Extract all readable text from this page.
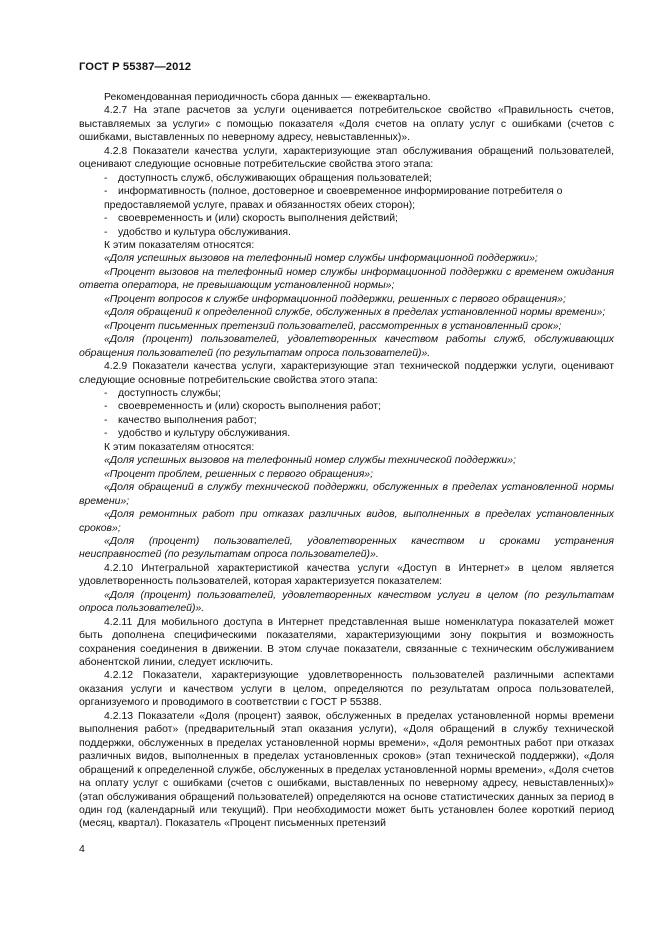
ГОСТ Р 55387—2012

Рекомендованная периодичность сбора данных — ежеквартально.

4.2.7 На этапе расчетов за услуги оценивается потребительское свойство «Правильность счетов, выставляемых за услуги» с помощью показателя «Доля счетов на оплату услуг с ошибками (счетов с ошибками, выставленных по неверному адресу, невыставленных)».

4.2.8 Показатели качества услуги, характеризующие этап обслуживания обращений пользователей, оценивают следующие основные потребительские свойства этого этапа:

- доступность служб, обслуживающих обращения пользователей;

- информативность (полное, достоверное и своевременное информирование потребителя о предоставляемой услуге, правах и обязанностях обеих сторон);

- своевременность и (или) скорость выполнения действий;

- удобство и культура обслуживания.

К этим показателям относятся:

«Доля успешных вызовов на телефонный номер службы информационной поддержки»;

«Процент вызовов на телефонный номер службы информационной поддержки с временем ожидания ответа оператора, не превышающим установленной нормы»;

«Процент вопросов к службе информационной поддержки, решенных с первого обращения»;

«Доля обращений к определенной службе, обслуженных в пределах установленной нормы времени»;

«Процент письменных претензий пользователей, рассмотренных в установленный срок»;

«Доля (процент) пользователей, удовлетворенных качеством работы служб, обслуживающих обращения пользователей (по результатам опроса пользователей)».

4.2.9 Показатели качества услуги, характеризующие этап технической поддержки услуги, оценивают следующие основные потребительские свойства этого этапа:

- доступность службы;

- своевременность и (или) скорость выполнения работ;

- качество выполнения работ;

- удобство и культуру обслуживания.

К этим показателям относятся:

«Доля успешных вызовов на телефонный номер службы технической поддержки»;

«Процент проблем, решенных с первого обращения»;

«Доля обращений в службу технической поддержки, обслуженных в пределах установленной нормы времени»;

«Доля ремонтных работ при отказах различных видов, выполненных в пределах установленных сроков»;

«Доля (процент) пользователей, удовлетворенных качеством и сроками устранения неисправностей (по результатам опроса пользователей)».

4.2.10 Интегральной характеристикой качества услуги «Доступ в Интернет» в целом является удовлетворенность пользователей, которая характеризуется показателем:

«Доля (процент) пользователей, удовлетворенных качеством услуги в целом (по результатам опроса пользователей)».

4.2.11 Для мобильного доступа в Интернет представленная выше номенклатура показателей может быть дополнена специфическими показателями, характеризующими зону покрытия и возможность сохранения соединения в движении. В этом случае показатели, связанные с техническим обслуживанием абонентской линии, следует исключить.

4.2.12 Показатели, характеризующие удовлетворенность пользователей различными аспектами оказания услуги и качеством услуги в целом, определяются по результатам опроса пользователей, организуемого и проводимого в соответствии с ГОСТ Р 55388.

4.2.13 Показатели «Доля (процент) заявок, обслуженных в пределах установленной нормы времени выполнения работ» (предварительный этап оказания услуги), «Доля обращений в службу технической поддержки, обслуженных в пределах установленной нормы времени», «Доля ремонтных работ при отказах различных видов, выполненных в пределах установленных сроков» (этап технической поддержки), «Доля обращений к определенной службе, обслуженных в пределах установленной нормы времени», «Доля счетов на оплату услуг с ошибками (счетов с ошибками, выставленных по неверному адресу, невыставленных)» (этап обслуживания обращений пользователей) определяются на основе статистических данных за период в один год (календарный или текущий). При необходимости может быть установлен более короткий период (месяц, квартал). Показатель «Процент письменных претензий

4
